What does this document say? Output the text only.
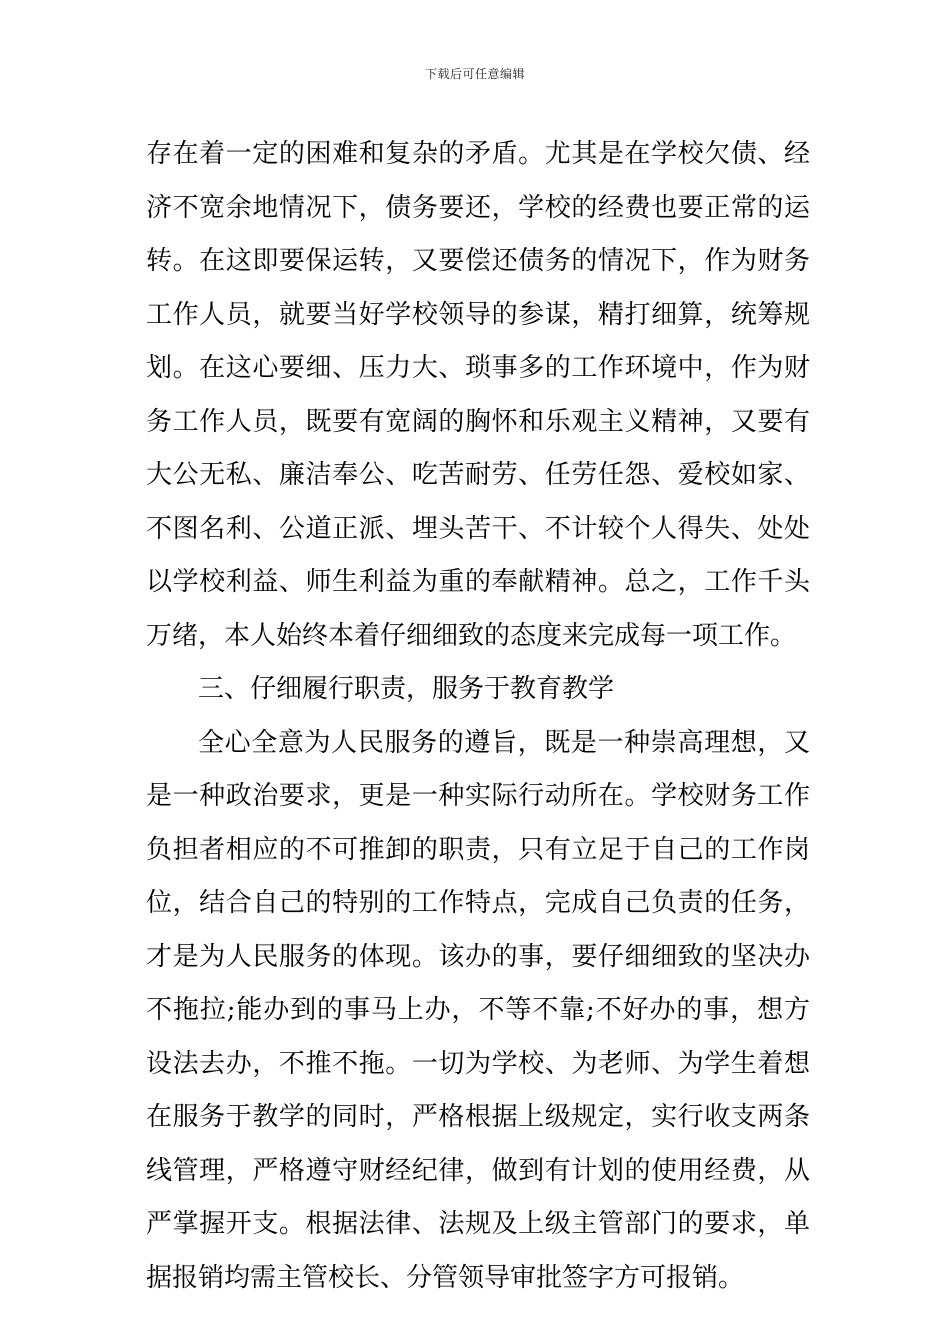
下载后可任意编辑
存在着一定的困难和复杂的矛盾。尤其是在学校欠债、经
济不宽余地情况下，债务要还，学校的经费也要正常的运
转。在这即要保运转，又要偿还债务的情况下，作为财务
工作人员，就要当好学校领导的参谋，精打细算，统筹规
划。在这心要细、压力大、琐事多的工作环境中，作为财
务工作人员，既要有宽阔的胸怀和乐观主义精神，又要有
大公无私、廉洁奉公、吃苦耐劳、任劳任怨、爱校如家、
不图名利、公道正派、埋头苦干、不计较个人得失、处处
以学校利益、师生利益为重的奉献精神。总之，工作千头
万绪，本人始终本着仔细细致的态度来完成每一项工作。
三、仔细履行职责，服务于教育教学
全心全意为人民服务的遵旨，既是一种崇高理想，又
是一种政治要求，更是一种实际行动所在。学校财务工作
负担者相应的不可推卸的职责，只有立足于自己的工作岗
位，结合自己的特别的工作特点，完成自己负责的任务，
才是为人民服务的体现。该办的事，要仔细细致的坚决办
不拖拉;能办到的事马上办，不等不靠;不好办的事，想方
设法去办，不推不拖。一切为学校、为老师、为学生着想
在服务于教学的同时，严格根据上级规定，实行收支两条
线管理，严格遵守财经纪律，做到有计划的使用经费，从
严掌握开支。根据法律、法规及上级主管部门的要求，单
据报销均需主管校长、分管领导审批签字方可报销。
